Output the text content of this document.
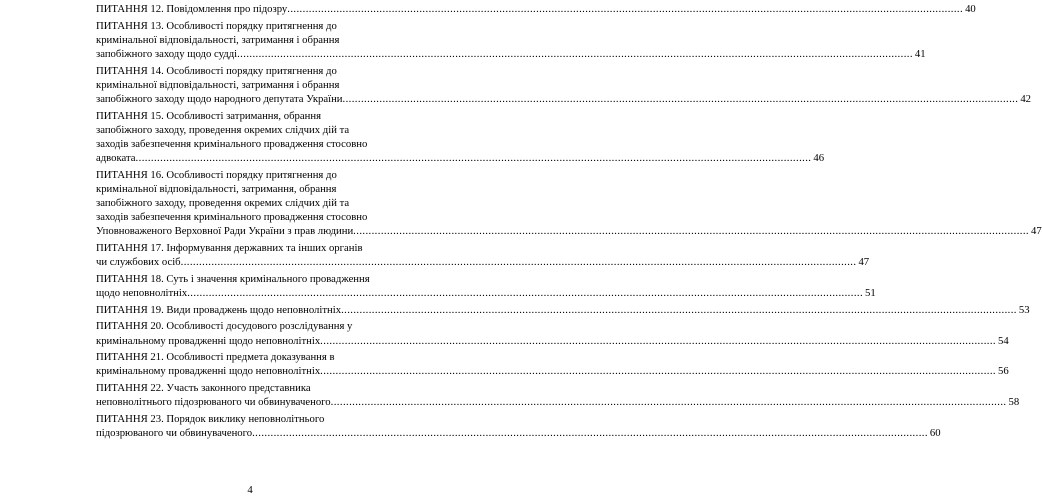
ПИТАННЯ 12. Повідомлення про підозру ............................................................................................................................................................................................................................ 40
ПИТАННЯ 13. Особливості порядку притягнення до
кримінальної відповідальності, затримання і обрання
запобіжного заходу щодо судді ............................................................................................................................................................................................................................ 41
ПИТАННЯ 14. Особливості порядку притягнення до
кримінальної відповідальності, затримання і обрання
запобіжного заходу щодо народного депутата України ............................................................................................................................................................................................................................ 42
ПИТАННЯ 15. Особливості затримання, обрання
запобіжного заходу, проведення окремих слідчих дій та
заходів забезпечення кримінального провадження стосовно
адвоката ............................................................................................................................................................................................................................ 46
ПИТАННЯ 16. Особливості порядку притягнення до
кримінальної відповідальності, затримання, обрання
запобіжного заходу, проведення окремих слідчих дій та
заходів забезпечення кримінального провадження стосовно
Уповноваженого Верховної Ради України з прав людини ............................................................................................................................................................................................................................ 47
ПИТАННЯ 17. Інформування державних та інших органів
чи службових осіб ............................................................................................................................................................................................................................ 47
ПИТАННЯ 18. Суть і значення кримінального провадження
щодо неповнолітніх ............................................................................................................................................................................................................................ 51
ПИТАННЯ 19. Види проваджень щодо неповнолітніх ............................................................................................................................................................................................................................ 53
ПИТАННЯ 20. Особливості досудового розслідування у
кримінальному провадженні щодо неповнолітніх ............................................................................................................................................................................................................................ 54
ПИТАННЯ 21. Особливості предмета доказування в
кримінальному провадженні щодо неповнолітніх ............................................................................................................................................................................................................................ 56
ПИТАННЯ 22. Участь законного представника
неповнолітнього підозрюваного чи обвинуваченого ............................................................................................................................................................................................................................ 58
ПИТАННЯ 23. Порядок виклику неповнолітнього
підозрюваного чи обвинуваченого ............................................................................................................................................................................................................................ 60
4
